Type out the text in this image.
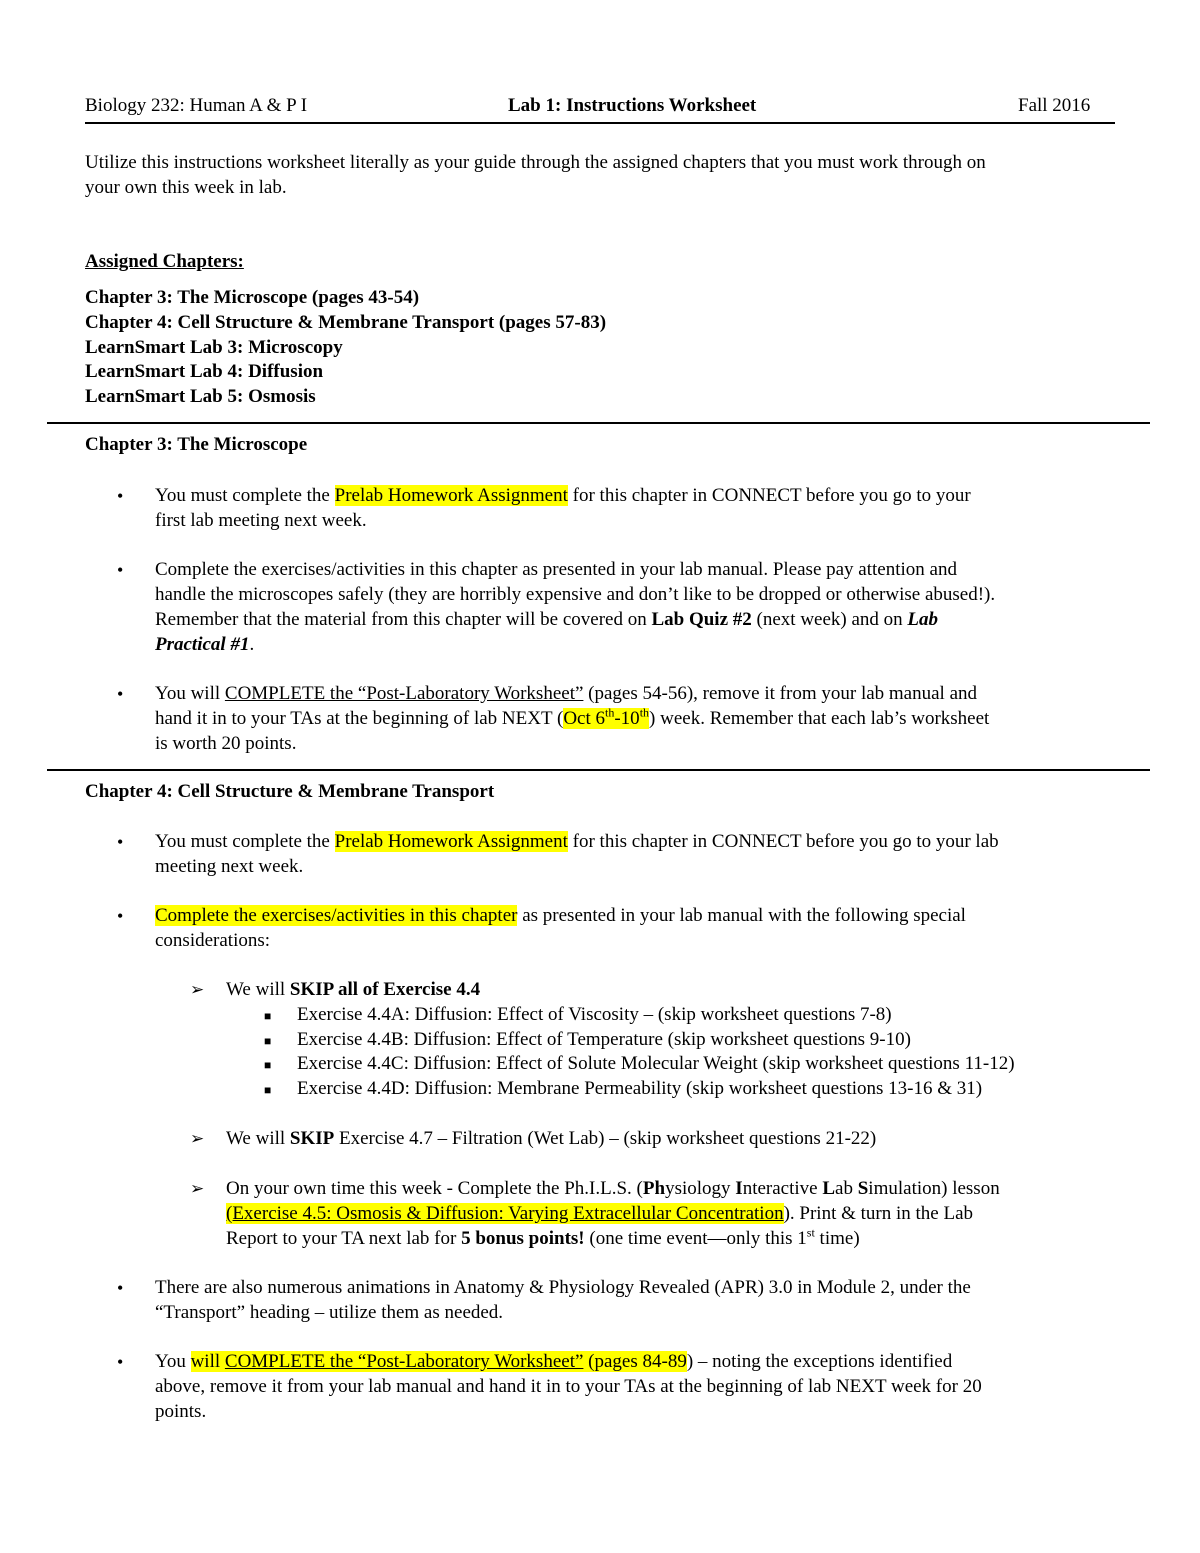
Biology 232: Human A & P I	Lab 1: Instructions Worksheet	Fall 2016
Utilize this instructions worksheet literally as your guide through the assigned chapters that you must work through on
your own this week in lab.
Assigned Chapters:
Chapter 3: The Microscope (pages 43-54)
Chapter 4: Cell Structure & Membrane Transport (pages 57-83)
LearnSmart Lab 3: Microscopy
LearnSmart Lab 4: Diffusion
LearnSmart Lab 5: Osmosis
Chapter 3: The Microscope
• You must complete the Prelab Homework Assignment for this chapter in CONNECT before you go to your
first lab meeting next week.
• Complete the exercises/activities in this chapter as presented in your lab manual. Please pay attention and
handle the microscopes safely (they are horribly expensive and don’t like to be dropped or otherwise abused!).
Remember that the material from this chapter will be covered on Lab Quiz #2 (next week) and on Lab
Practical #1.
• You will COMPLETE the “Post-Laboratory Worksheet” (pages 54-56), remove it from your lab manual and
hand it in to your TAs at the beginning of lab NEXT (Oct 6th-10th) week. Remember that each lab’s worksheet
is worth 20 points.
Chapter 4: Cell Structure & Membrane Transport
• You must complete the Prelab Homework Assignment for this chapter in CONNECT before you go to your lab
meeting next week.
• Complete the exercises/activities in this chapter as presented in your lab manual with the following special
considerations:
➢ We will SKIP all of Exercise 4.4
■ Exercise 4.4A: Diffusion: Effect of Viscosity – (skip worksheet questions 7-8)
■ Exercise 4.4B: Diffusion: Effect of Temperature (skip worksheet questions 9-10)
■ Exercise 4.4C: Diffusion: Effect of Solute Molecular Weight (skip worksheet questions 11-12)
■ Exercise 4.4D: Diffusion: Membrane Permeability (skip worksheet questions 13-16 & 31)
➢ We will SKIP Exercise 4.7 – Filtration (Wet Lab) – (skip worksheet questions 21-22)
➢ On your own time this week - Complete the Ph.I.L.S. (Physiology Interactive Lab Simulation) lesson
(Exercise 4.5: Osmosis & Diffusion: Varying Extracellular Concentration). Print & turn in the Lab
Report to your TA next lab for 5 bonus points! (one time event—only this 1st time)
• There are also numerous animations in Anatomy & Physiology Revealed (APR) 3.0 in Module 2, under the
“Transport” heading – utilize them as needed.
• You will COMPLETE the “Post-Laboratory Worksheet” (pages 84-89) – noting the exceptions identified
above, remove it from your lab manual and hand it in to your TAs at the beginning of lab NEXT week for 20
points.
